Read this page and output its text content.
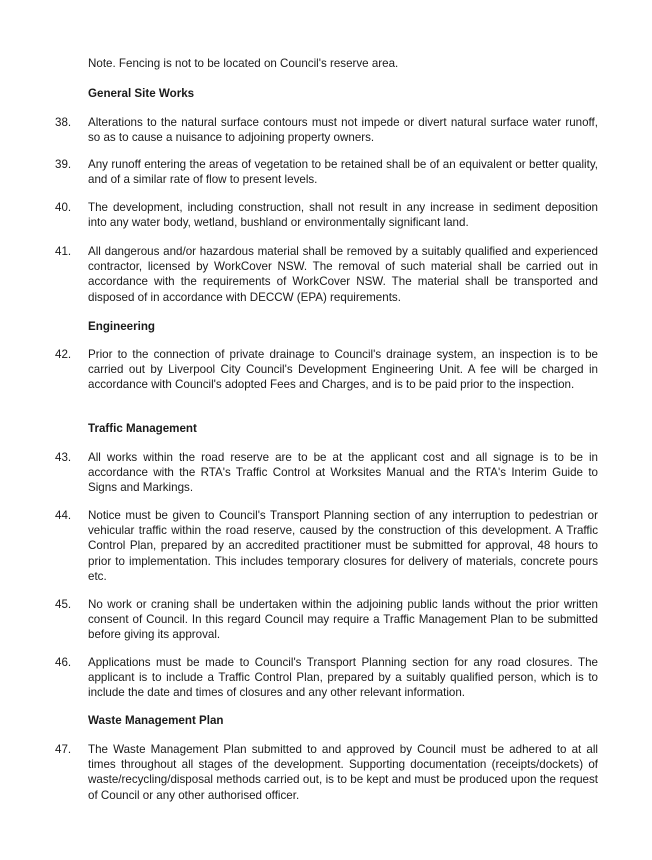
Note. Fencing is not to be located on Council's reserve area.
General Site Works
38.	Alterations to the natural surface contours must not impede or divert natural surface water runoff, so as to cause a nuisance to adjoining property owners.
39.	Any runoff entering the areas of vegetation to be retained shall be of an equivalent or better quality, and of a similar rate of flow to present levels.
40.	The development, including construction, shall not result in any increase in sediment deposition into any water body, wetland, bushland or environmentally significant land.
41.	All dangerous and/or hazardous material shall be removed by a suitably qualified and experienced contractor, licensed by WorkCover NSW. The removal of such material shall be carried out in accordance with the requirements of WorkCover NSW. The material shall be transported and disposed of in accordance with DECCW (EPA) requirements.
Engineering
42.	Prior to the connection of private drainage to Council's drainage system, an inspection is to be carried out by Liverpool City Council's Development Engineering Unit. A fee will be charged in accordance with Council's adopted Fees and Charges, and is to be paid prior to the inspection.
Traffic Management
43.	All works within the road reserve are to be at the applicant cost and all signage is to be in accordance with the RTA's Traffic Control at Worksites Manual and the RTA's Interim Guide to Signs and Markings.
44.	Notice must be given to Council's Transport Planning section of any interruption to pedestrian or vehicular traffic within the road reserve, caused by the construction of this development. A Traffic Control Plan, prepared by an accredited practitioner must be submitted for approval, 48 hours to prior to implementation. This includes temporary closures for delivery of materials, concrete pours etc.
45.	No work or craning shall be undertaken within the adjoining public lands without the prior written consent of Council. In this regard Council may require a Traffic Management Plan to be submitted before giving its approval.
46.	Applications must be made to Council's Transport Planning section for any road closures. The applicant is to include a Traffic Control Plan, prepared by a suitably qualified person, which is to include the date and times of closures and any other relevant information.
Waste Management Plan
47.	The Waste Management Plan submitted to and approved by Council must be adhered to at all times throughout all stages of the development. Supporting documentation (receipts/dockets) of waste/recycling/disposal methods carried out, is to be kept and must be produced upon the request of Council or any other authorised officer.
